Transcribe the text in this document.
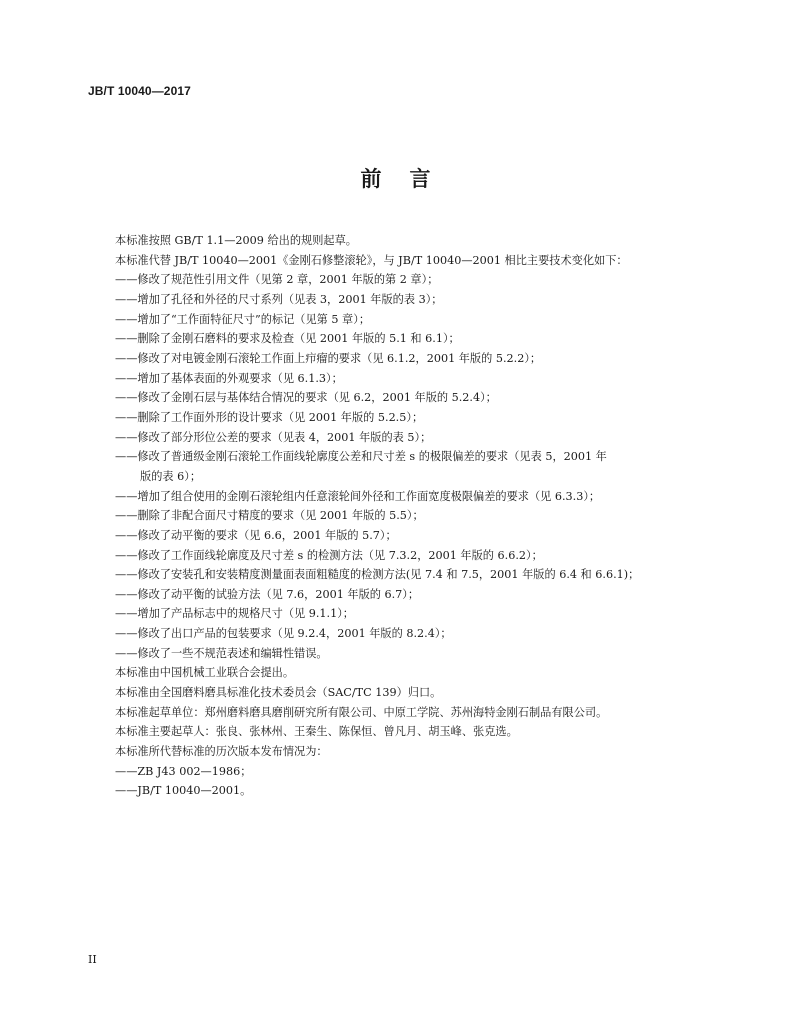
JB/T 10040—2017
前 言
本标准按照 GB/T 1.1—2009 给出的规则起草。
本标准代替 JB/T 10040—2001《金刚石修整滚轮》，与 JB/T 10040—2001 相比主要技术变化如下：
——修改了规范性引用文件（见第 2 章，2001 年版的第 2 章）；
——增加了孔径和外径的尺寸系列（见表 3，2001 年版的表 3）；
——增加了“工作面特征尺寸”的标记（见第 5 章）；
——删除了金刚石磨料的要求及检查（见 2001 年版的 5.1 和 6.1）；
——修改了对电镀金刚石滚轮工作面上疖瘤的要求（见 6.1.2，2001 年版的 5.2.2）；
——增加了基体表面的外观要求（见 6.1.3）；
——修改了金刚石层与基体结合情况的要求（见 6.2，2001 年版的 5.2.4）；
——删除了工作面外形的设计要求（见 2001 年版的 5.2.5）；
——修改了部分形位公差的要求（见表 4，2001 年版的表 5）；
——修改了普通级金刚石滚轮工作面线轮廓度公差和尺寸差 s 的极限偏差的要求（见表 5，2001 年
版的表 6）；
——增加了组合使用的金刚石滚轮组内任意滚轮间外径和工作面宽度极限偏差的要求（见 6.3.3）；
——删除了非配合面尺寸精度的要求（见 2001 年版的 5.5）；
——修改了动平衡的要求（见 6.6，2001 年版的 5.7）；
——修改了工作面线轮廓度及尺寸差 s 的检测方法（见 7.3.2，2001 年版的 6.6.2）；
——修改了安装孔和安装精度测量面表面粗糙度的检测方法(见 7.4 和 7.5，2001 年版的 6.4 和 6.6.1)；
——修改了动平衡的试验方法（见 7.6，2001 年版的 6.7）；
——增加了产品标志中的规格尺寸（见 9.1.1）；
——修改了出口产品的包装要求（见 9.2.4，2001 年版的 8.2.4）；
——修改了一些不规范表述和编辑性错误。
本标准由中国机械工业联合会提出。
本标准由全国磨料磨具标准化技术委员会（SAC/TC 139）归口。
本标准起草单位：郑州磨料磨具磨削研究所有限公司、中原工学院、苏州海特金刚石制品有限公司。
本标准主要起草人：张良、张林州、王秦生、陈保恒、曾凡月、胡玉峰、张克选。
本标准所代替标准的历次版本发布情况为：
——ZB J43 002—1986；
——JB/T 10040—2001。
II
